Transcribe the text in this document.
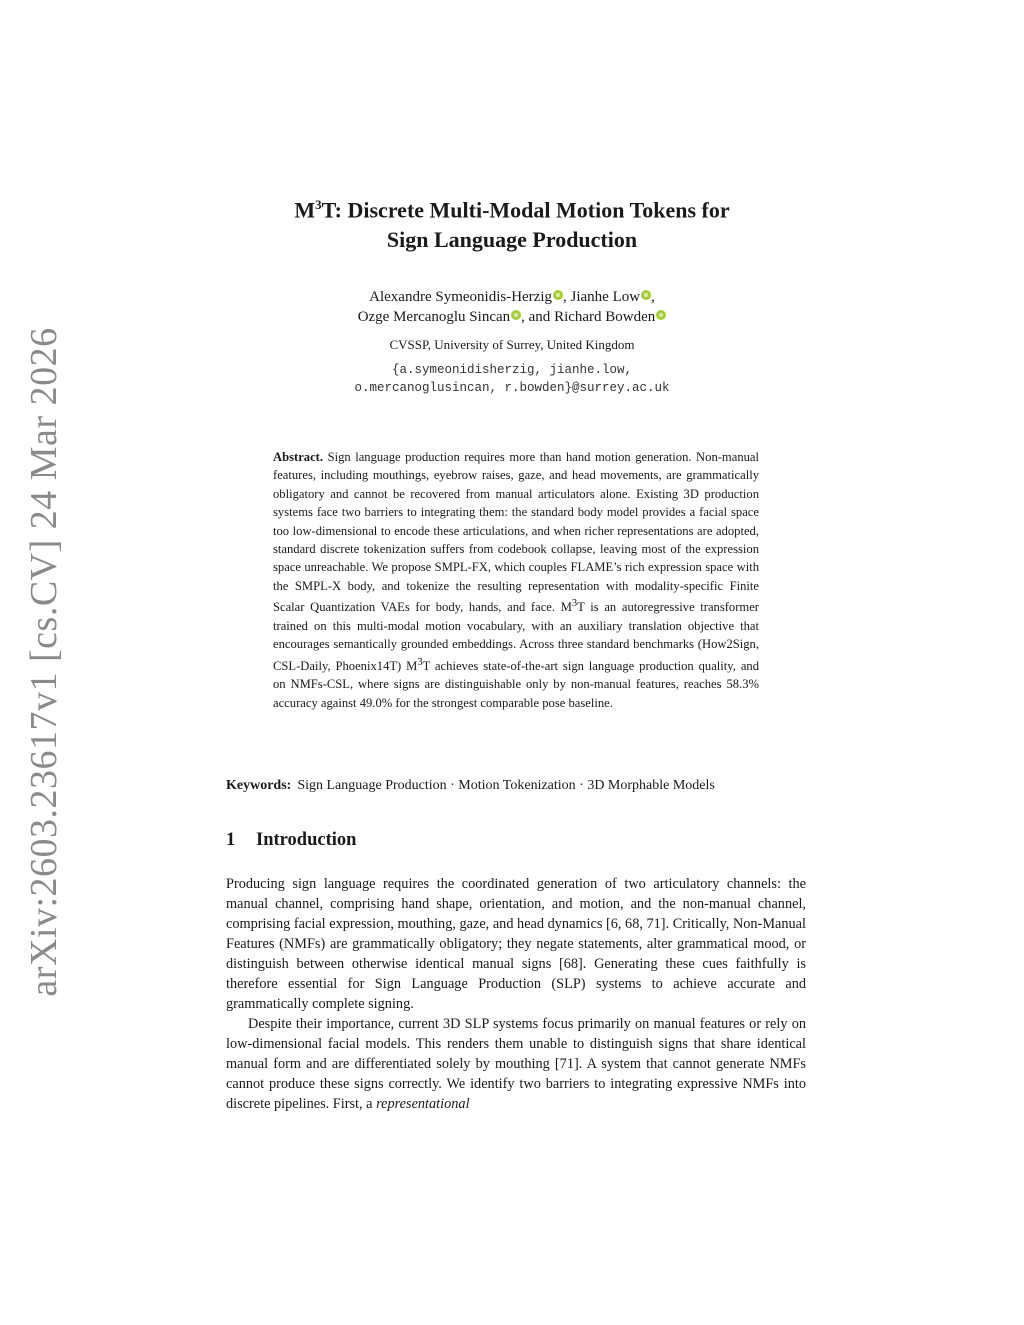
arXiv:2603.23617v1 [cs.CV] 24 Mar 2026

$M^3T$: Discrete Multi-Modal Motion Tokens for

Sign Language Production

Alexandre Symeonidis-Herzig , Jianhe Low ,
Ozge Mercanoglu Sincan , and Richard Bowden
CVSSP, University of Surrey, United Kingdom
{a.symeonidisherzig, jianhe.low,
o.mercanoglusincan, r.bowden}@surrey.ac.uk
Abstract. Sign language production requires more than hand motion generation. Non-manual features, including mouthings, eyebrow raises, gaze, and head movements, are grammatically obligatory and cannot be recovered from manual articulators alone. Existing 3D production systems face two barriers to integrating them: the standard body model provides a facial space too low-dimensional to encode these articulations, and when richer representations are adopted, standard discrete tokenization suffers from codebook collapse, leaving most of the expression space unreachable. We propose SMPL-FX, which couples FLAME’s rich expression space with the SMPL-X body, and tokenize the resulting representation with modality-specific Finite Scalar Quantization VAEs for body, hands, and face. $M^3T$ is an autoregressive transformer trained on this multi-modal motion vocabulary, with an auxiliary translation objective that encourages semantically grounded embeddings. Across three standard benchmarks (How2Sign, CSL-Daily, Phoenix14T) $M^3T$ achieves state-of-the-art sign language production quality, and on NMFs-CSL, where signs are distinguishable only by non-manual features, reaches 58.3% accuracy against 49.0% for the strongest comparable pose baseline.
Keywords: Sign Language Production · Motion Tokenization · 3D Morphable Models
1 Introduction

Producing sign language requires the coordinated generation of two articulatory channels: the manual channel, comprising hand shape, orientation, and motion, and the non-manual channel, comprising facial expression, mouthing, gaze, and head dynamics [6, 68, 71]. Critically, Non-Manual Features (NMFs) are grammatically obligatory; they negate statements, alter grammatical mood, or distinguish between otherwise identical manual signs [68]. Generating these cues faithfully is therefore essential for Sign Language Production (SLP) systems to achieve accurate and grammatically complete signing.

Despite their importance, current 3D SLP systems focus primarily on manual features or rely on low-dimensional facial models. This renders them unable to distinguish signs that share identical manual form and are differentiated solely by mouthing [71]. A system that cannot generate NMFs cannot produce these signs correctly. We identify two barriers to integrating expressive NMFs into discrete pipelines. First, a representational
